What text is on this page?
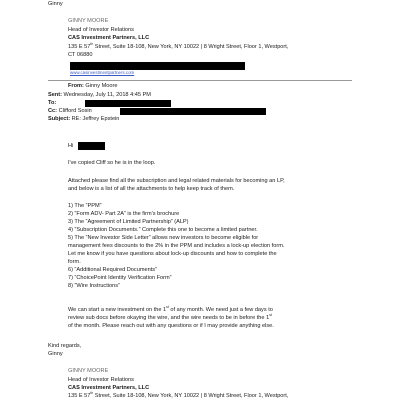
Ginny
GINNY MOORE
Head of Investor Relations
CAS Investment Partners, LLC
135 E 57th Street, Suite 18-108, New York, NY 10022 | 8 Wright Street, Floor 1, Westport,
CT 06880
www.casinvestmentpartners.com
From: Ginny Moore
Sent: Wednesday, July 11, 2018 4:45 PM
To:
Cc: Clifford Sosin
Subject: RE: Jeffrey Epstein
Hi
I've copied Cliff so he is in the loop.
Attached please find all the subscription and legal related materials for becoming an LP,
and below is a list of all the attachments to help keep track of them.
1) The “PPM”
2) “Form ADV- Part 2A” is the firm’s brochure
3) The “Agreement of Limited Partnership” (ALP)
4) “Subscription Documents.” Complete this one to become a limited partner.
5) The “New Investor Side Letter” allows new investors to become eligible for
management fees discounts to the 2% in the PPM and includes a lock-up election form.
Let me know if you have questions about lock-up discounts and how to complete the
form.
6) “Additional Required Documents”
7) “ChoicePoint Identity Verification Form”
8) “Wire Instructions”
We can start a new investment on the 1st of any month. We need just a few days to
review sub docs before okaying the wire, and the wire needs to be in before the 1st
of the month. Please reach out with any questions or if I may provide anything else.
Kind regards,
Ginny
GINNY MOORE
Head of Investor Relations
CAS Investment Partners, LLC
135 E 57th Street, Suite 18-108, New York, NY 10022 | 8 Wright Street, Floor 1, Westport,
